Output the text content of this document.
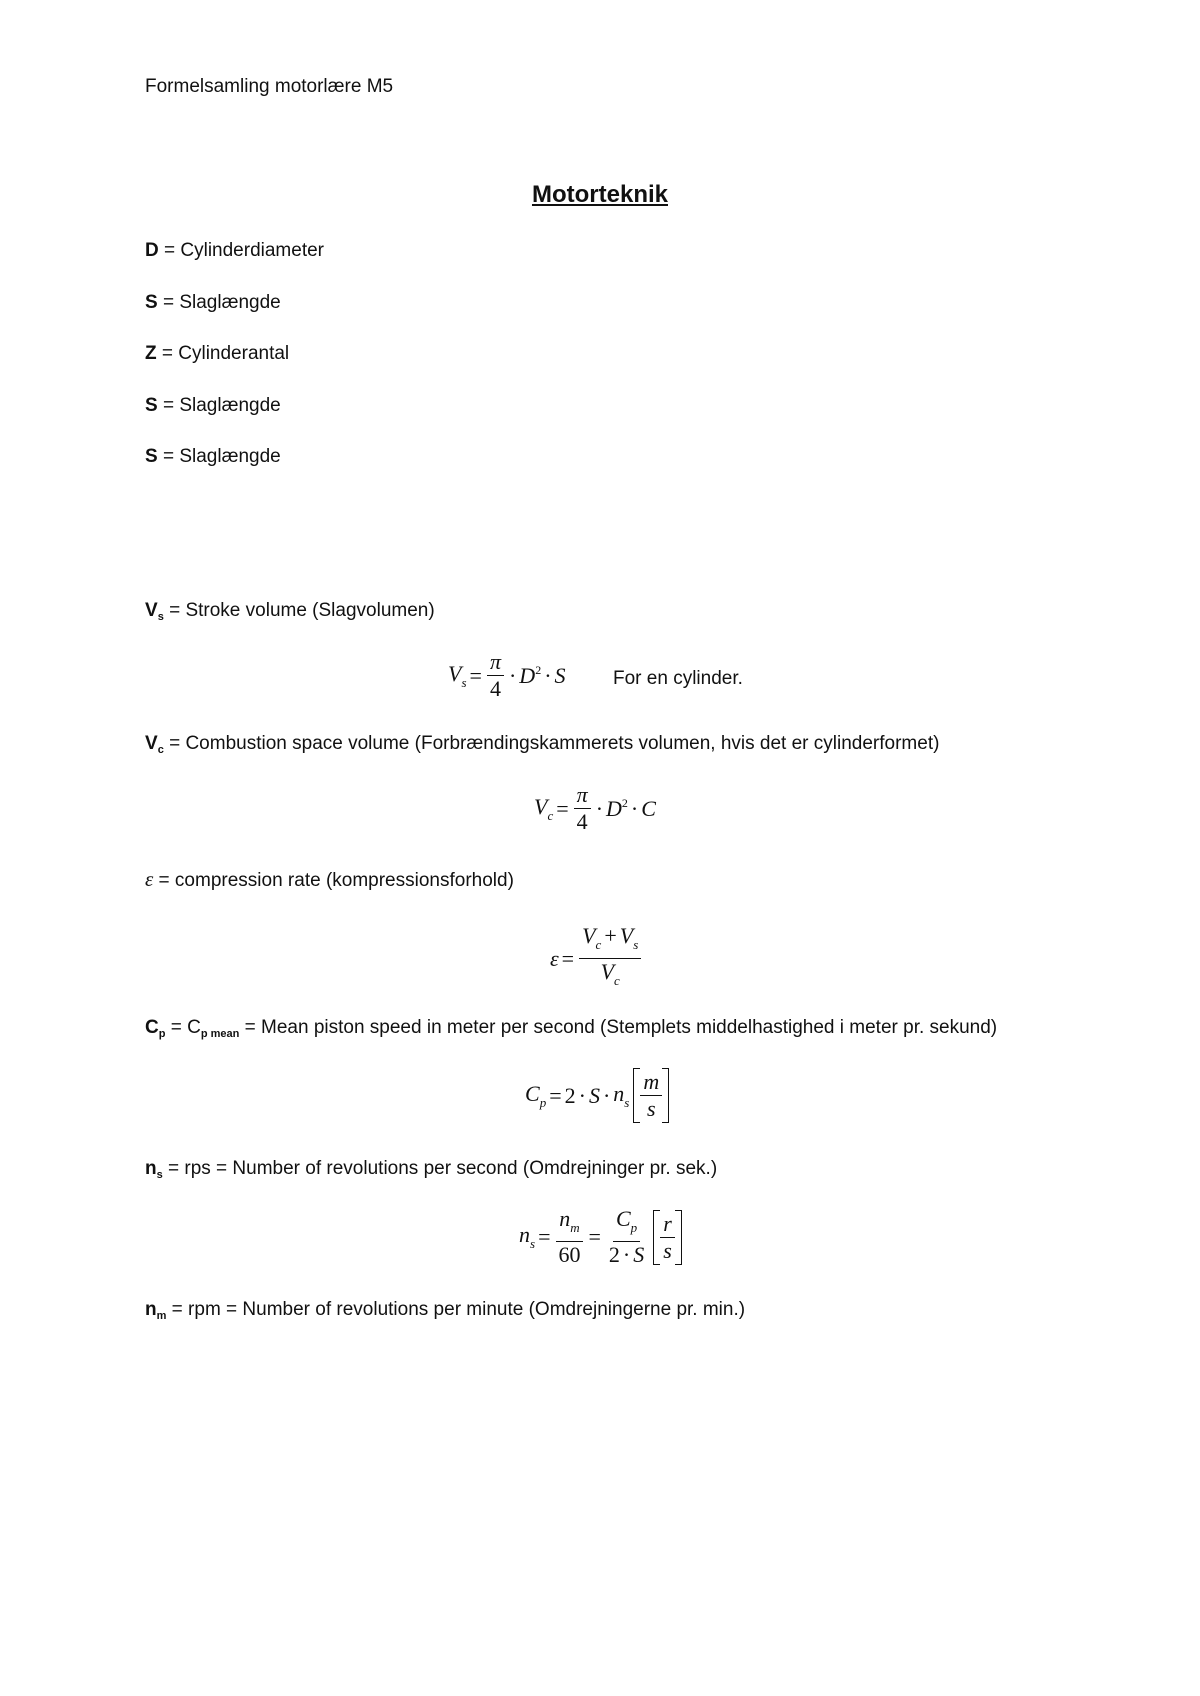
Formelsamling motorlære M5
Motorteknik
D = Cylinderdiameter
S = Slaglængde
Z = Cylinderantal
S = Slaglængde
S = Slaglængde
$V_s$ = Stroke volume (Slagvolumen)
$V_s = \frac{\pi}{4} \cdot D^2 \cdot S$ For en cylinder.
$V_c$ = Combustion space volume (Forbrændingskammerets volumen, hvis det er cylinderformet)
$V_c = \frac{\pi}{4} \cdot D^2 \cdot C$
ε = compression rate (kompressionsforhold)
$\varepsilon = \frac{V_c + V_s}{V_c}$
$C_p = C_{p mean}$ = Mean piston speed in meter per second (Stemplets middelhastighed i meter pr. sekund)
$C_p = 2 \cdot S \cdot n_s \frac{m}{s}$
$n_s$ = rps = Number of revolutions per second (Omdrejninger pr. sek.)
$n_s = \frac{n_m}{60} = \frac{C_p}{2 \cdot S} \frac{r}{s}$
$n_m$ = rpm = Number of revolutions per minute (Omdrejningerne pr. min.)
